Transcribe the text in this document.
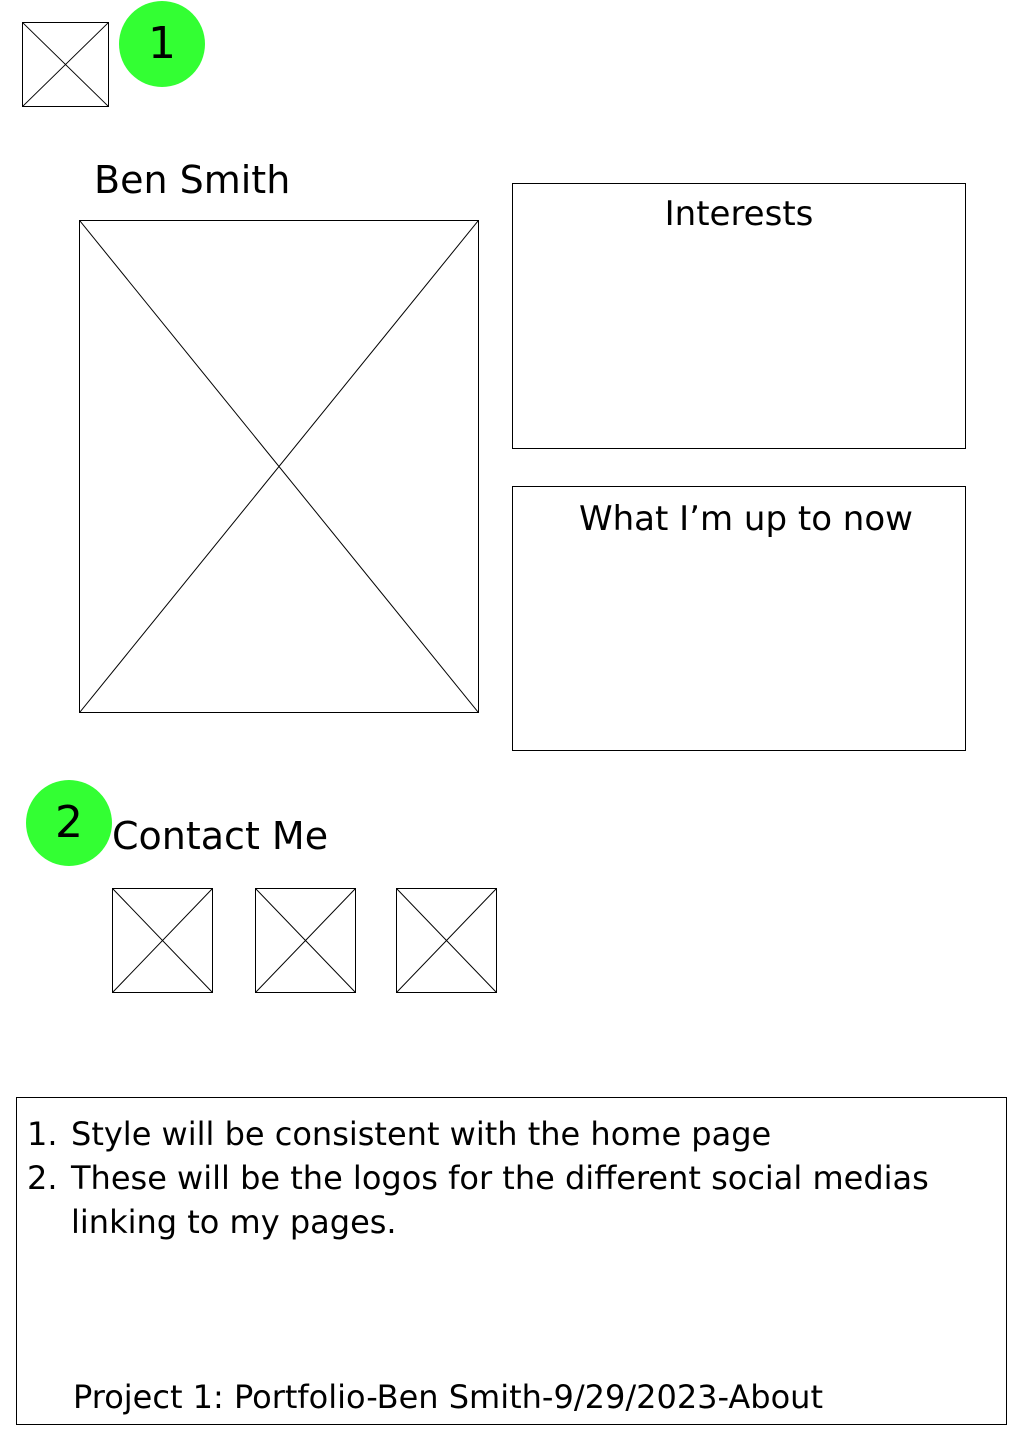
1
Ben Smith
Interests
What I’m up to now
2 Contact Me
1. Style will be consistent with the home page
2. These will be the logos for the different social medias linking to my pages.
Project 1: Portfolio-Ben Smith-9/29/2023-About
